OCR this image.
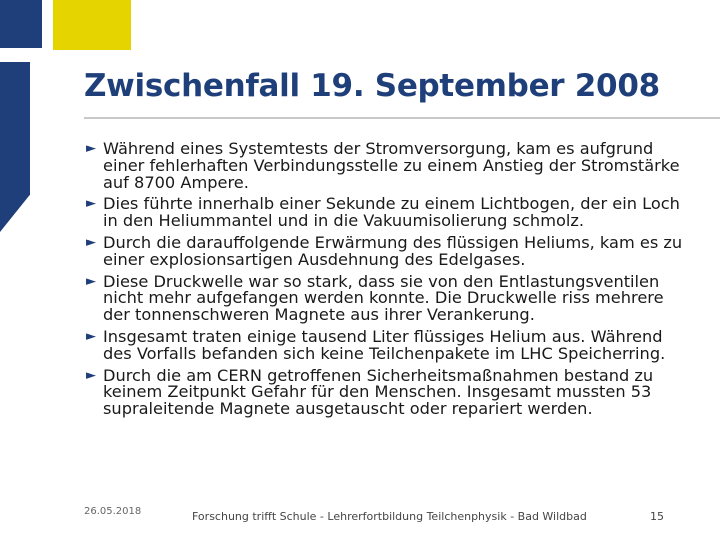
Zwischenfall 19. September 2008
► Während eines Systemtests der Stromversorgung, kam es aufgrund einer fehlerhaften Verbindungsstelle zu einem Anstieg der Stromstärke auf 8700 Ampere.
► Dies führte innerhalb einer Sekunde zu einem Lichtbogen, der ein Loch in den Heliummantel und in die Vakuumisolierung schmolz.
► Durch die darauffolgende Erwärmung des flüssigen Heliums, kam es zu einer explosionsartigen Ausdehnung des Edelgases.
► Diese Druckwelle war so stark, dass sie von den Entlastungsventilen nicht mehr aufgefangen werden konnte. Die Druckwelle riss mehrere der tonnenschweren Magnete aus ihrer Verankerung.
► Insgesamt traten einige tausend Liter flüssiges Helium aus. Während des Vorfalls befanden sich keine Teilchenpakete im LHC Speicherring.
► Durch die am CERN getroffenen Sicherheitsmaßnahmen bestand zu keinem Zeitpunkt Gefahr für den Menschen. Insgesamt mussten 53 supraleitende Magnete ausgetauscht oder repariert werden.
26.05.2018	Forschung trifft Schule - Lehrerfortbildung Teilchenphysik - Bad Wildbad	15
